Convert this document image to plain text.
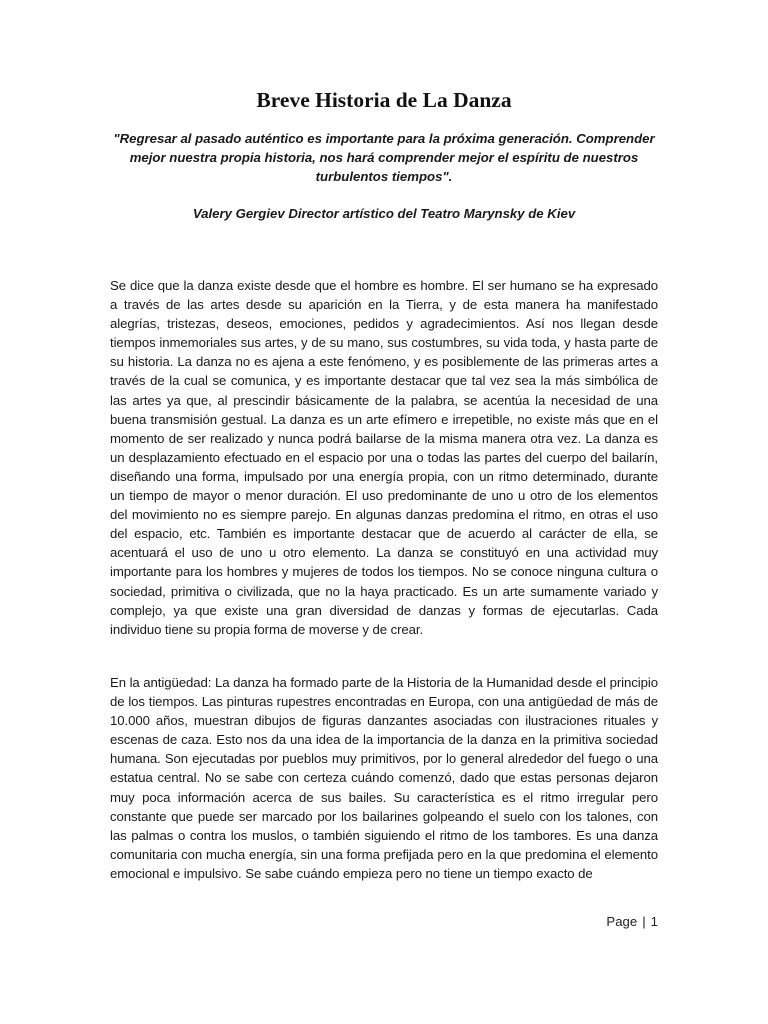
Breve Historia de La Danza

"Regresar al pasado auténtico es importante para la próxima generación. Comprender mejor nuestra propia historia, nos hará comprender mejor el espíritu de nuestros turbulentos tiempos".

Valery Gergiev Director artístico del Teatro Marynsky de Kiev

Se dice que la danza existe desde que el hombre es hombre. El ser humano se ha expresado a través de las artes desde su aparición en la Tierra, y de esta manera ha manifestado alegrías, tristezas, deseos, emociones, pedidos y agradecimientos. Así nos llegan desde tiempos inmemoriales sus artes, y de su mano, sus costumbres, su vida toda, y hasta parte de su historia. La danza no es ajena a este fenómeno, y es posiblemente de las primeras artes a través de la cual se comunica, y es importante destacar que tal vez sea la más simbólica de las artes ya que, al prescindir básicamente de la palabra, se acentúa la necesidad de una buena transmisión gestual. La danza es un arte efímero e irrepetible, no existe más que en el momento de ser realizado y nunca podrá bailarse de la misma manera otra vez. La danza es un desplazamiento efectuado en el espacio por una o todas las partes del cuerpo del bailarín, diseñando una forma, impulsado por una energía propia, con un ritmo determinado, durante un tiempo de mayor o menor duración. El uso predominante de uno u otro de los elementos del movimiento no es siempre parejo. En algunas danzas predomina el ritmo, en otras el uso del espacio, etc. También es importante destacar que de acuerdo al carácter de ella, se acentuará el uso de uno u otro elemento. La danza se constituyó en una actividad muy importante para los hombres y mujeres de todos los tiempos. No se conoce ninguna cultura o sociedad, primitiva o civilizada, que no la haya practicado. Es un arte sumamente variado y complejo, ya que existe una gran diversidad de danzas y formas de ejecutarlas. Cada individuo tiene su propia forma de moverse y de crear.

En la antigüedad: La danza ha formado parte de la Historia de la Humanidad desde el principio de los tiempos. Las pinturas rupestres encontradas en Europa, con una antigüedad de más de 10.000 años, muestran dibujos de figuras danzantes asociadas con ilustraciones rituales y escenas de caza. Esto nos da una idea de la importancia de la danza en la primitiva sociedad humana. Son ejecutadas por pueblos muy primitivos, por lo general alrededor del fuego o una estatua central. No se sabe con certeza cuándo comenzó, dado que estas personas dejaron muy poca información acerca de sus bailes. Su característica es el ritmo irregular pero constante que puede ser marcado por los bailarines golpeando el suelo con los talones, con las palmas o contra los muslos, o también siguiendo el ritmo de los tambores. Es una danza comunitaria con mucha energía, sin una forma prefijada pero en la que predomina el elemento emocional e impulsivo. Se sabe cuándo empieza pero no tiene un tiempo exacto de

Page | 1
